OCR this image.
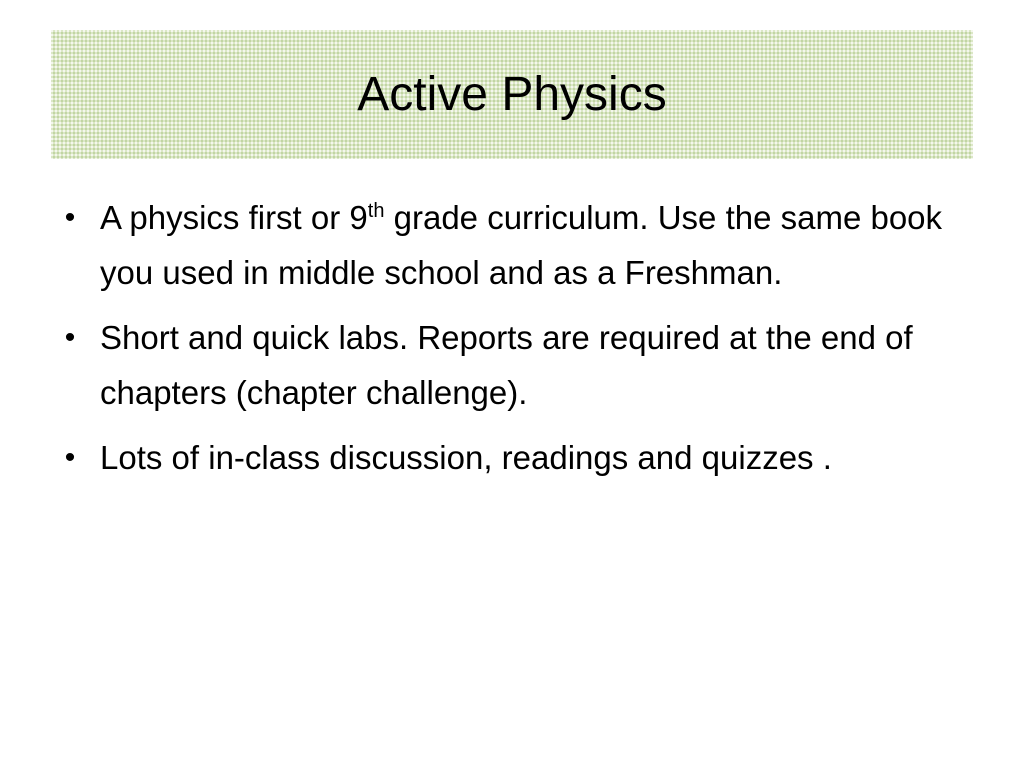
Active Physics
• A physics first or 9th grade curriculum. Use the same book you used in middle school and as a Freshman.
• Short and quick labs. Reports are required at the end of chapters (chapter challenge).
• Lots of in-class discussion, readings and quizzes .
